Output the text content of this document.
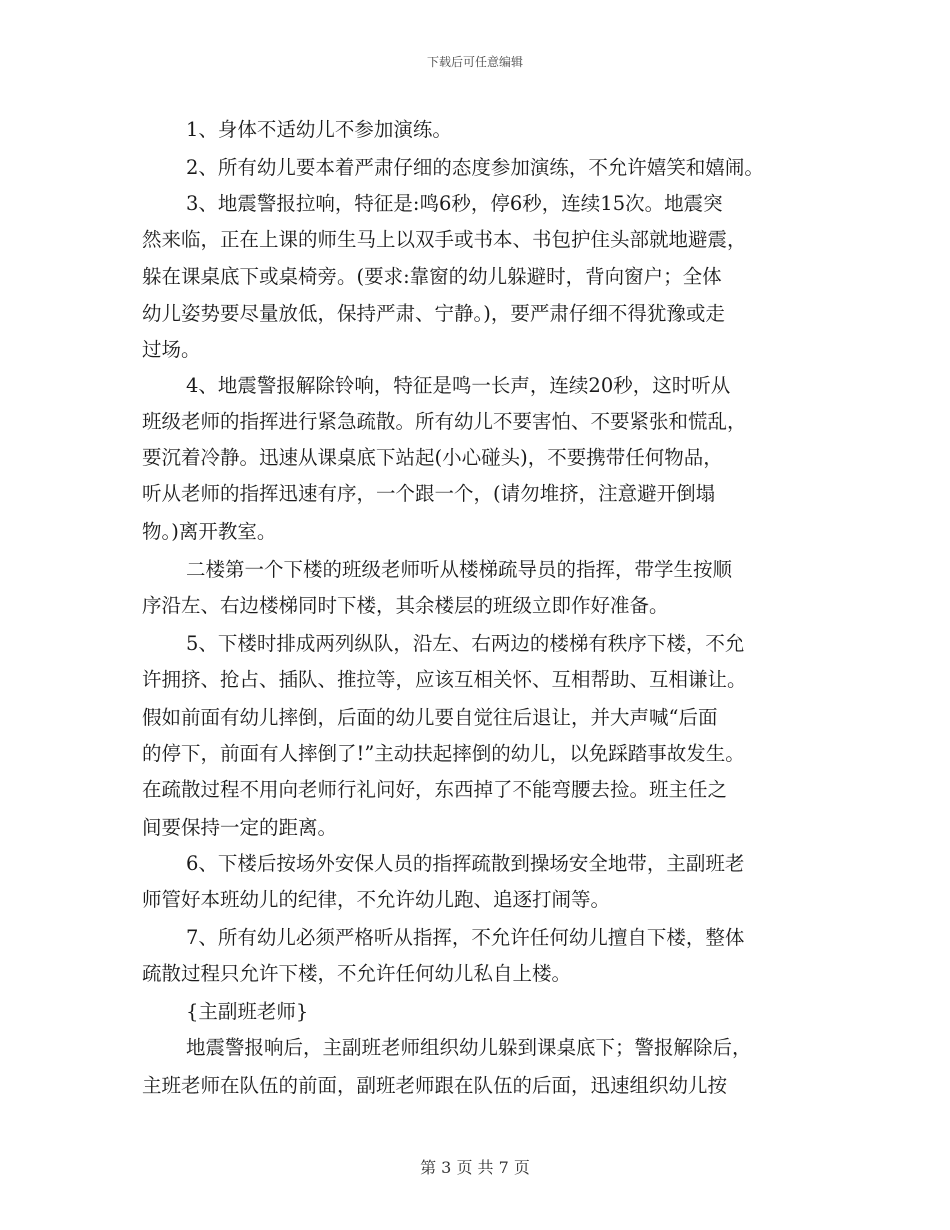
下载后可任意编辑
1、身体不适幼儿不参加演练。
2、所有幼儿要本着严肃仔细的态度参加演练，不允许嬉笑和嬉闹。
3、地震警报拉响，特征是:鸣6秒，停6秒，连续15次。地震突
然来临，正在上课的师生马上以双手或书本、书包护住头部就地避震，
躲在课桌底下或桌椅旁。(要求:靠窗的幼儿躲避时，背向窗户；全体
幼儿姿势要尽量放低，保持严肃、宁静。)，要严肃仔细不得犹豫或走
过场。
4、地震警报解除铃响，特征是鸣一长声，连续20秒，这时听从
班级老师的指挥进行紧急疏散。所有幼儿不要害怕、不要紧张和慌乱，
要沉着冷静。迅速从课桌底下站起(小心碰头)，不要携带任何物品，
听从老师的指挥迅速有序，一个跟一个，(请勿堆挤，注意避开倒塌
物。)离开教室。
二楼第一个下楼的班级老师听从楼梯疏导员的指挥，带学生按顺
序沿左、右边楼梯同时下楼，其余楼层的班级立即作好准备。
5、下楼时排成两列纵队，沿左、右两边的楼梯有秩序下楼，不允
许拥挤、抢占、插队、推拉等，应该互相关怀、互相帮助、互相谦让。
假如前面有幼儿摔倒，后面的幼儿要自觉往后退让，并大声喊“后面
的停下，前面有人摔倒了!”主动扶起摔倒的幼儿，以免踩踏事故发生。
在疏散过程不用向老师行礼问好，东西掉了不能弯腰去捡。班主任之
间要保持一定的距离。
6、下楼后按场外安保人员的指挥疏散到操场安全地带，主副班老
师管好本班幼儿的纪律，不允许幼儿跑、追逐打闹等。
7、所有幼儿必须严格听从指挥，不允许任何幼儿擅自下楼，整体
疏散过程只允许下楼，不允许任何幼儿私自上楼。
{主副班老师}
地震警报响后，主副班老师组织幼儿躲到课桌底下；警报解除后，
主班老师在队伍的前面，副班老师跟在队伍的后面，迅速组织幼儿按
第 3 页 共 7 页
